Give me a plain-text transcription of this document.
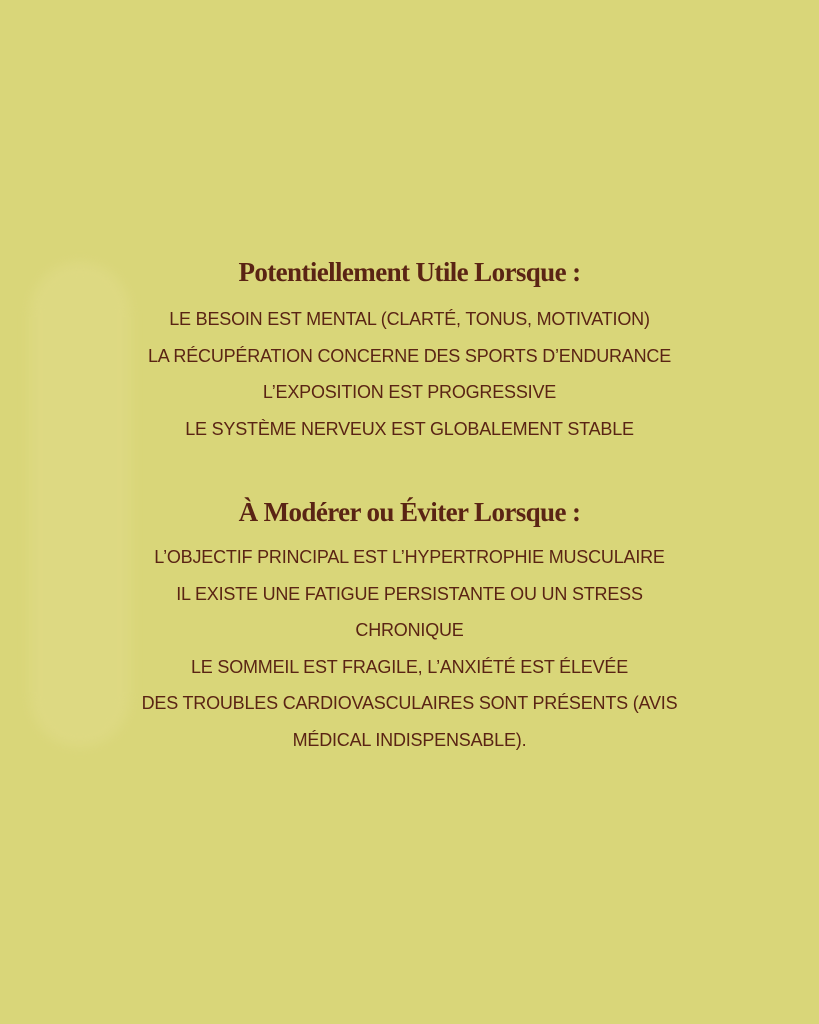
Potentiellement Utile Lorsque :
LE BESOIN EST MENTAL (CLARTÉ, TONUS, MOTIVATION)
LA RÉCUPÉRATION CONCERNE DES SPORTS D’ENDURANCE
L’EXPOSITION EST PROGRESSIVE
LE SYSTÈME NERVEUX EST GLOBALEMENT STABLE
À Modérer ou Éviter Lorsque :
L’OBJECTIF PRINCIPAL EST L’HYPERTROPHIE MUSCULAIRE
IL EXISTE UNE FATIGUE PERSISTANTE OU UN STRESS
CHRONIQUE
LE SOMMEIL EST FRAGILE, L’ANXIÉTÉ EST ÉLEVÉE
DES TROUBLES CARDIOVASCULAIRES SONT PRÉSENTS (AVIS
MÉDICAL INDISPENSABLE).
